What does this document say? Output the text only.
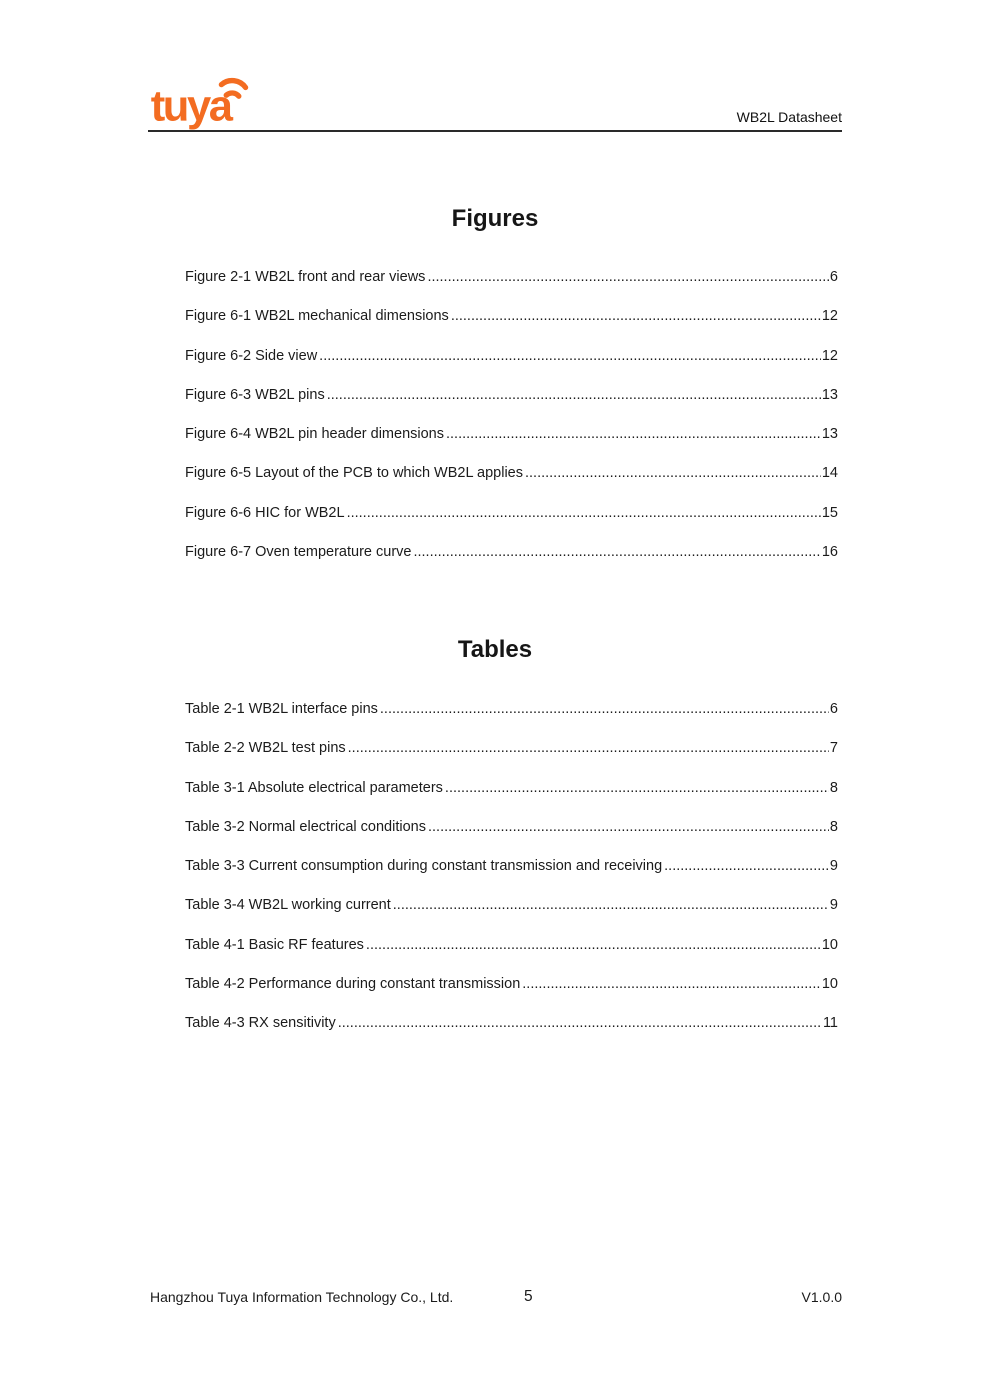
tuya	WB2L Datasheet
Figures
Figure 2-1 WB2L front and rear views .....	6
Figure 6-1 WB2L mechanical dimensions .....	12
Figure 6-2 Side view .....	12
Figure 6-3 WB2L pins .....	13
Figure 6-4 WB2L pin header dimensions .....	13
Figure 6-5 Layout of the PCB to which WB2L applies .....	14
Figure 6-6 HIC for WB2L .....	15
Figure 6-7 Oven temperature curve .....	16
Tables
Table 2-1 WB2L interface pins .....	6
Table 2-2 WB2L test pins .....	7
Table 3-1 Absolute electrical parameters .....	8
Table 3-2 Normal electrical conditions .....	8
Table 3-3 Current consumption during constant transmission and receiving .....	9
Table 3-4 WB2L working current .....	9
Table 4-1 Basic RF features .....	10
Table 4-2 Performance during constant transmission .....	10
Table 4-3 RX sensitivity .....	11
Hangzhou Tuya Information Technology Co., Ltd.	5	V1.0.0
